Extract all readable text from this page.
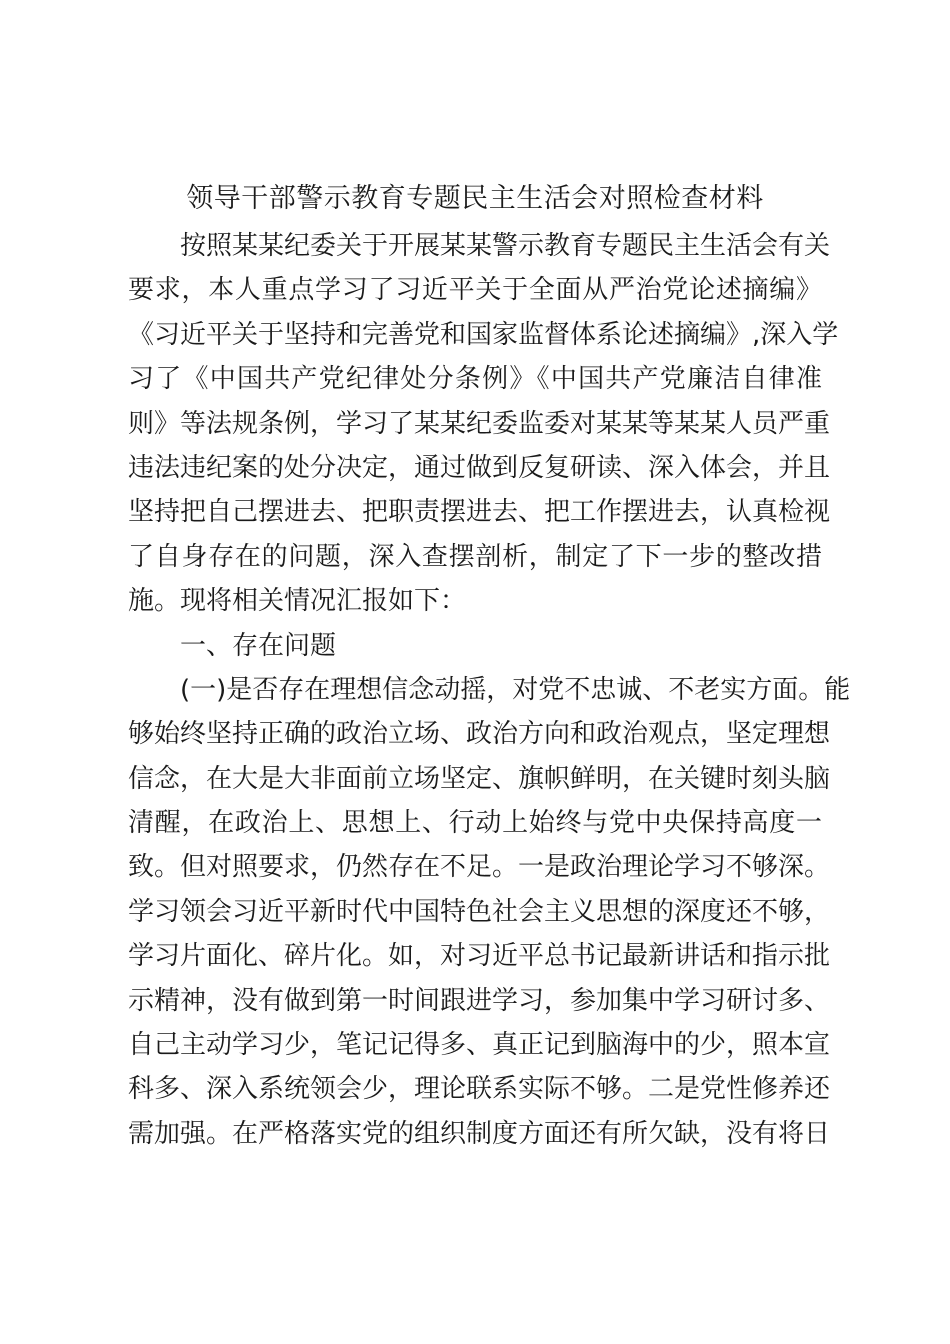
领导干部警示教育专题民主生活会对照检查材料
按照某某纪委关于开展某某警示教育专题民主生活会有关
要求，本人重点学习了习近平关于全面从严治党论述摘编》
《习近平关于坚持和完善党和国家监督体系论述摘编》,深入学
习了《中国共产党纪律处分条例》《中国共产党廉洁自律准
则》等法规条例，学习了某某纪委监委对某某等某某人员严重
违法违纪案的处分决定，通过做到反复研读、深入体会，并且
坚持把自己摆进去、把职责摆进去、把工作摆进去，认真检视
了自身存在的问题，深入查摆剖析，制定了下一步的整改措
施。现将相关情况汇报如下：
一、存在问题
(一)是否存在理想信念动摇，对党不忠诚、不老实方面。能
够始终坚持正确的政治立场、政治方向和政治观点，坚定理想
信念，在大是大非面前立场坚定、旗帜鲜明，在关键时刻头脑
清醒，在政治上、思想上、行动上始终与党中央保持高度一
致。但对照要求，仍然存在不足。一是政治理论学习不够深。
学习领会习近平新时代中国特色社会主义思想的深度还不够，
学习片面化、碎片化。如，对习近平总书记最新讲话和指示批
示精神，没有做到第一时间跟进学习，参加集中学习研讨多、
自己主动学习少，笔记记得多、真正记到脑海中的少，照本宣
科多、深入系统领会少，理论联系实际不够。二是党性修养还
需加强。在严格落实党的组织制度方面还有所欠缺，没有将日
